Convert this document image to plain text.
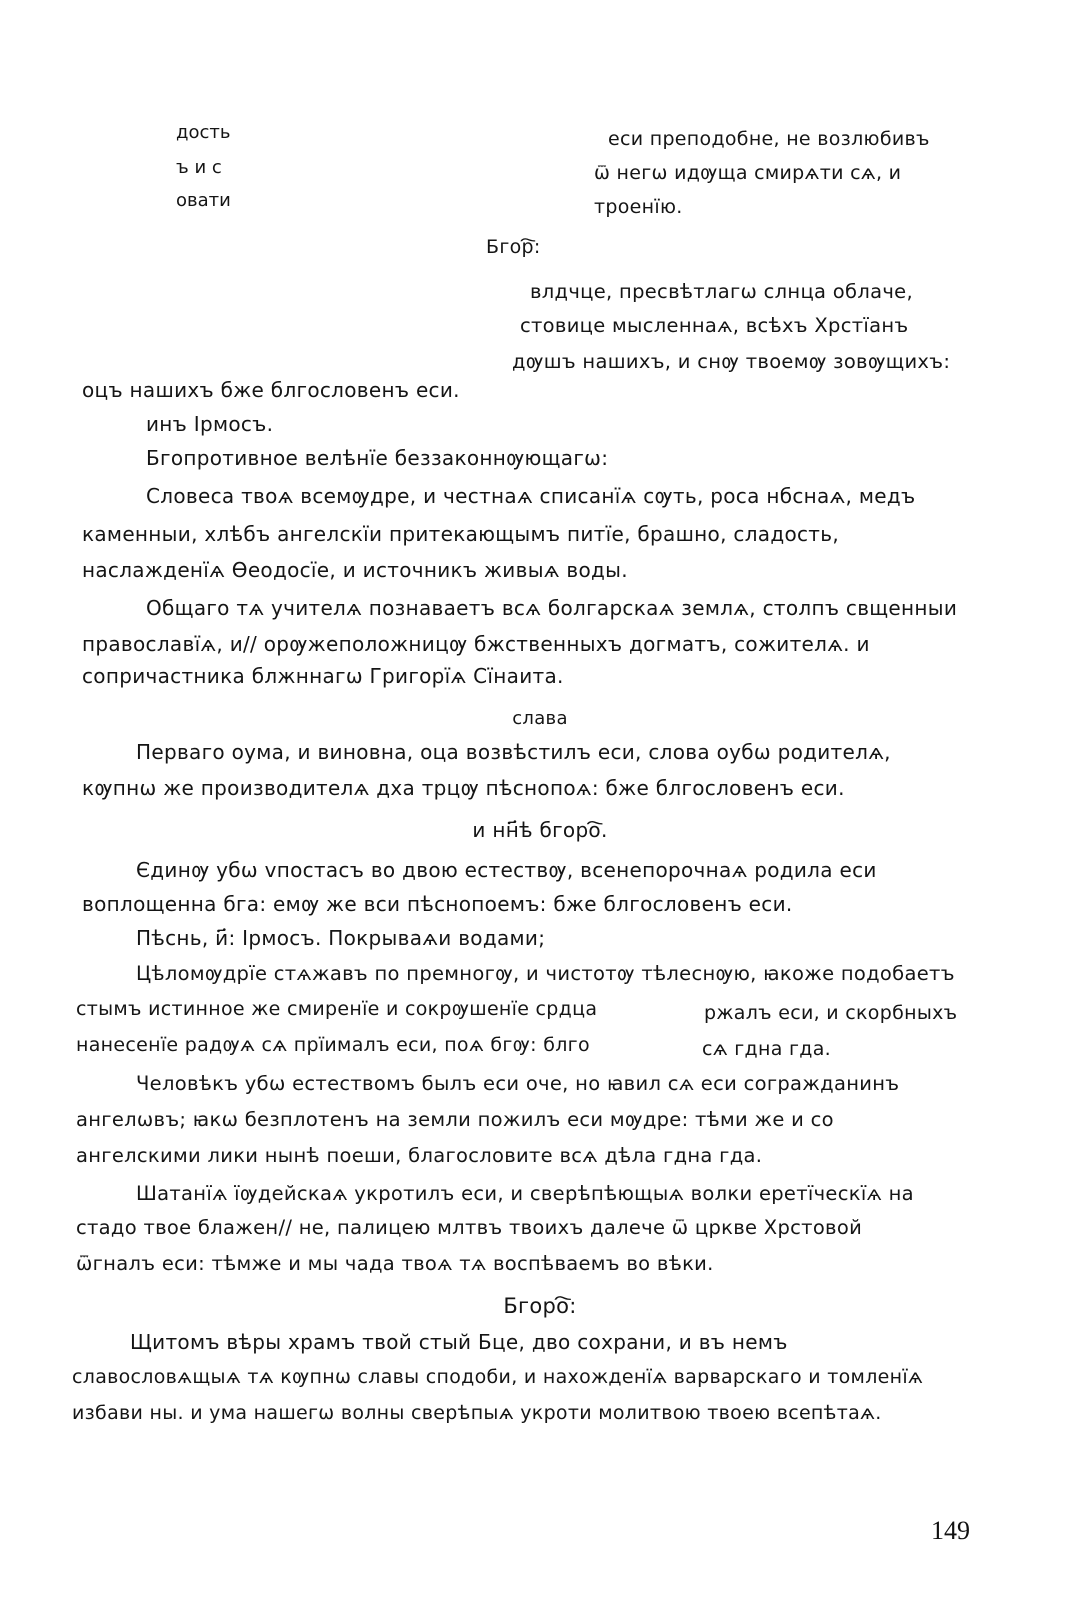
дость
ъ и с
овати
еси преподобне, не возлюбивъ
ѿ негѡ идѹща смирѧти сѧ, и
троенїю.
Бгор҇:
влдчце, пресвѣтлагѡ слнца облаче,
стовице мысленнаѧ, всѣхъ Хрстїанъ
дѹшъ нашихъ, и снѹ твоемѹ зовѹщихъ:
оцъ нашихъ бже блгословенъ еси.
инъ Ірмосъ.
Бгопротивное велѣнїе беззаконнѹющагѡ:
Словеса твоѧ всемѹдре, и честнаѧ списанїѧ сѹть, роса нбснаѧ, медъ
каменныи, хлѣбъ ангелскїи притекающымъ питїе, брашно, сладость,
наслажденїѧ Ѳеодосїе, и источникъ живыѧ воды.
Общаго тѧ учителѧ познаваетъ всѧ болгарскаѧ землѧ, столпъ свщенныи
православїѧ, и// орѹжеположницѹ бжственныхъ догматъ, сожителѧ. и
сопричастника блжннагѡ Григорїѧ Сїнаита.
слава
Перваго оума, и виновна, оца возвѣстилъ еси, слова оубѡ родителѧ,
кѹпнѡ же производителѧ дха трцѹ пѣснопоѧ: бже блгословенъ еси.
и нн҃ѣ бгоро҇.
Єдинѹ убѡ vпостасъ во двою естествѹ, всенепорочнаѧ родила еси
воплощенна бга: емѹ же вси пѣснопоемъ: бже блгословенъ еси.
Пѣснь, и҃: Ірмосъ. Покрываѧи водами;
Цѣломѹдрїе стѧжавъ по премногѹ, и чистотѹ тѣлеснѹю, ꙗкоже подобаетъ
стымъ истинное же смиренїе и сокрѹшенїе срдца	ржалъ еси, и скорбныхъ
нанесенїе радѹѧ сѧ прїималъ еси, поѧ бгѹ: блго	сѧ гдна гда.
Человѣкъ убѡ естествомъ былъ еси оче, но ꙗвил сѧ еси согражданинъ
ангелѡвъ; ꙗкѡ безплотенъ на земли пожилъ еси мѹдре: тѣми же и со
ангелскими лики нынѣ поеши, благословите всѧ дѣла гдна гда.
Шатанїѧ їѹдейскаѧ укротилъ еси, и сверѣпѣющыѧ волки еретїческїѧ на
стадо твое блажен// не, палицею млтвъ твоихъ далече ѿ црквe Хрстовой
ѿгналъ еси: тѣмже и мы чада твоѧ тѧ воспѣваемъ во вѣки.
Бгоро҇:
Щитомъ вѣры храмъ твой стый Бце, дво сохрани, и въ немъ
славословѧщыѧ тѧ кѹпнѡ славы сподоби, и нахожденїѧ варварскаго и томленїѧ
избави ны. и ума нашегѡ волны сверѣпыѧ укроти молитвою твоею всепѣтаѧ.
149
